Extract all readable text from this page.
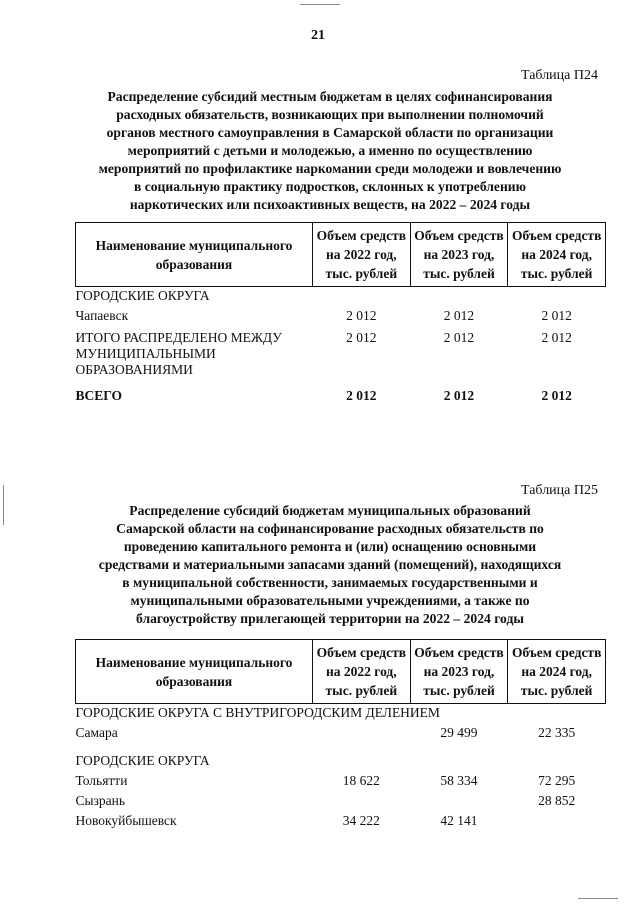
21
Таблица П24
Распределение субсидий местным бюджетам в целях софинансирования
расходных обязательств, возникающих при выполнении полномочий
органов местного самоуправления в Самарской области по организации
мероприятий с детьми и молодежью, а именно по осуществлению
мероприятий по профилактике наркомании среди молодежи и вовлечению
в социальную практику подростков, склонных к употреблению
наркотических или психоактивных веществ, на 2022 – 2024 годы
Наименование муниципального образования	Объем средств на 2022 год, тыс. рублей	Объем средств на 2023 год, тыс. рублей	Объем средств на 2024 год, тыс. рублей
ГОРОДСКИЕ ОКРУГА			
Чапаевск	2 012	2 012	2 012
ИТОГО РАСПРЕДЕЛЕНО МЕЖДУ МУНИЦИПАЛЬНЫМИ ОБРАЗОВАНИЯМИ	2 012	2 012	2 012
ВСЕГО	2 012	2 012	2 012
Таблица П25
Распределение субсидий бюджетам муниципальных образований
Самарской области на софинансирование расходных обязательств по
проведению капитального ремонта и (или) оснащению основными
средствами и материальными запасами зданий (помещений), находящихся
в муниципальной собственности, занимаемых государственными и
муниципальными образовательными учреждениями, а также по
благоустройству прилегающей территории на 2022 – 2024 годы
Наименование муниципального образования	Объем средств на 2022 год, тыс. рублей	Объем средств на 2023 год, тыс. рублей	Объем средств на 2024 год, тыс. рублей
ГОРОДСКИЕ ОКРУГА С ВНУТРИГОРОДСКИМ ДЕЛЕНИЕМ			
Самара		29 499	22 335

ГОРОДСКИЕ ОКРУГА			
Тольятти	18 622	58 334	72 295
Сызрань			28 852
Новокуйбышевск	34 222	42 141	
